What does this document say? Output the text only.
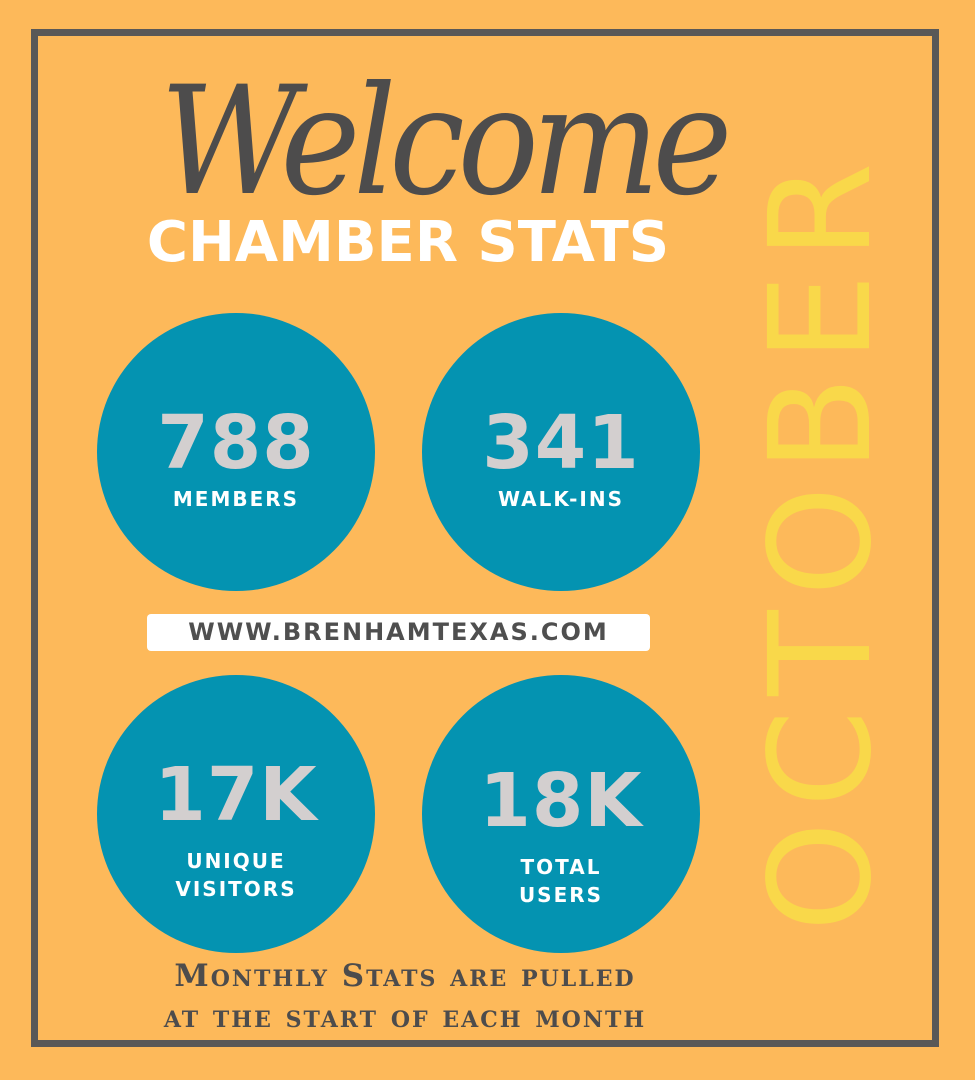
Welcome
CHAMBER STATS OCTOBER
788
MEMBERS
341
WALK-INS
WWW.BRENHAMTEXAS.COM
17K
UNIQUE
VISITORS
18K
TOTAL
USERS
Monthly Stats are pulled
at the start of each month
